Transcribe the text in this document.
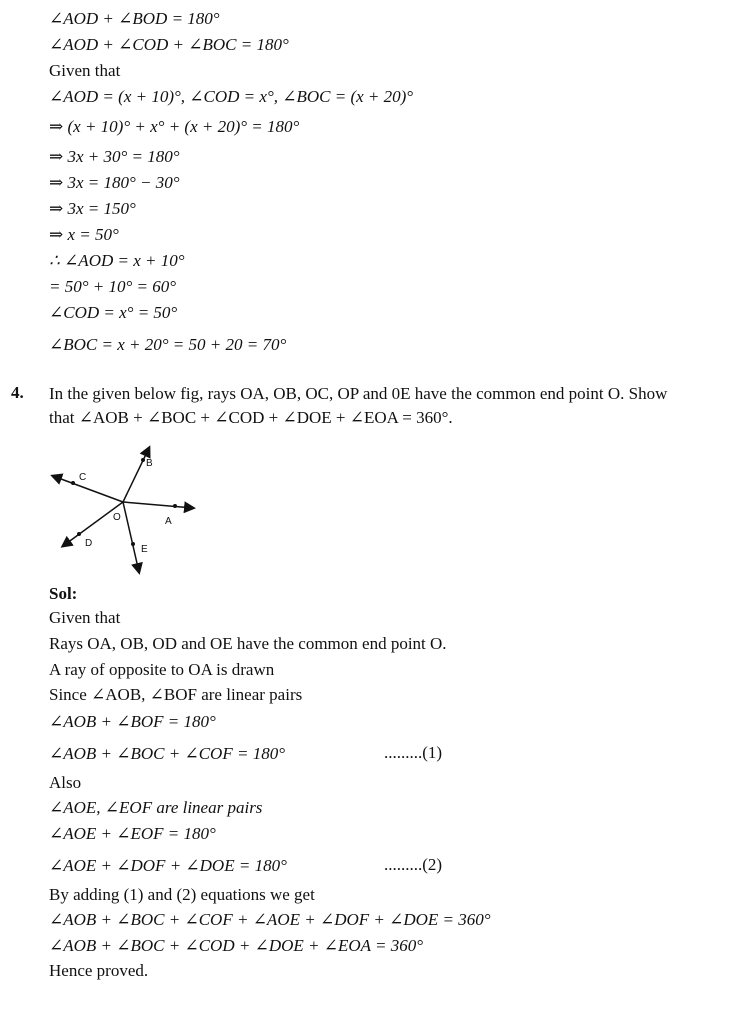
∠AOD + ∠BOD = 180°
∠AOD + ∠COD + ∠BOC = 180°
Given that
∠AOD = (x + 10)°, ∠COD = x°, ∠BOC = (x + 20)°
⇒ (x + 10)° + x° + (x + 20)° = 180°
⇒ 3x + 30° = 180°
⇒ 3x = 180° − 30°
⇒ 3x = 150°
⇒ x = 50°
∴ ∠AOD = x + 10°
= 50° + 10° = 60°
∠COD = x° = 50°
∠BOC = x + 20° = 50 + 20 = 70°
4. In the given below fig, rays OA, OB, OC, OP and 0E have the common end point O. Show
that ∠AOB + ∠BOC + ∠COD + ∠DOE + ∠EOA = 360°.
A
B
C
D
E
O
Sol:
Given that
Rays OA, OB, OD and OE have the common end point O.
A ray of opposite to OA is drawn
Since ∠AOB, ∠BOF are linear pairs
∠AOB + ∠BOF = 180°
∠AOB + ∠BOC + ∠COF = 180°	.........(1)
Also
∠AOE, ∠EOF are linear pairs
∠AOE + ∠EOF = 180°
∠AOE + ∠DOF + ∠DOE = 180°	.........(2)
By adding (1) and (2) equations we get
∠AOB + ∠BOC + ∠COF + ∠AOE + ∠DOF + ∠DOE = 360°
∠AOB + ∠BOC + ∠COD + ∠DOE + ∠EOA = 360°
Hence proved.
